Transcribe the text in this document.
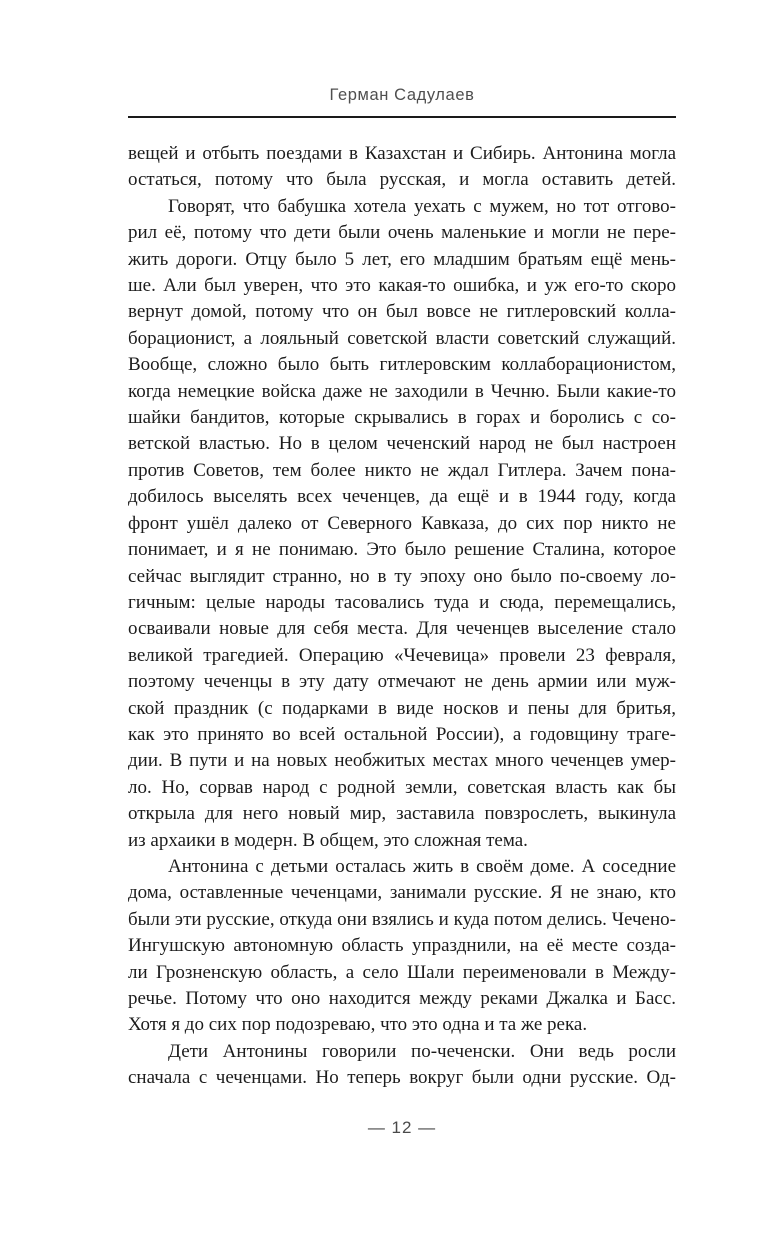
Герман Садулаев
вещей и отбыть поездами в Казахстан и Сибирь. Антонина могла
остаться, потому что была русская, и могла оставить детей.
Говорят, что бабушка хотела уехать с мужем, но тот отгово-
рил её, потому что дети были очень маленькие и могли не пере-
жить дороги. Отцу было 5 лет, его младшим братьям ещё мень-
ше. Али был уверен, что это какая-то ошибка, и уж его-то скоро
вернут домой, потому что он был вовсе не гитлеровский колла-
борационист, а лояльный советской власти советский служащий.
Вообще, сложно было быть гитлеровским коллаборационистом,
когда немецкие войска даже не заходили в Чечню. Были какие-то
шайки бандитов, которые скрывались в горах и боролись с со-
ветской властью. Но в целом чеченский народ не был настроен
против Советов, тем более никто не ждал Гитлера. Зачем пона-
добилось выселять всех чеченцев, да ещё и в 1944 году, когда
фронт ушёл далеко от Северного Кавказа, до сих пор никто не
понимает, и я не понимаю. Это было решение Сталина, которое
сейчас выглядит странно, но в ту эпоху оно было по-своему ло-
гичным: целые народы тасовались туда и сюда, перемещались,
осваивали новые для себя места. Для чеченцев выселение стало
великой трагедией. Операцию «Чечевица» провели 23 февраля,
поэтому чеченцы в эту дату отмечают не день армии или муж-
ской праздник (с подарками в виде носков и пены для бритья,
как это принято во всей остальной России), а годовщину траге-
дии. В пути и на новых необжитых местах много чеченцев умер-
ло. Но, сорвав народ с родной земли, советская власть как бы
открыла для него новый мир, заставила повзрослеть, выкинула
из архаики в модерн. В общем, это сложная тема.
Антонина с детьми осталась жить в своём доме. А соседние
дома, оставленные чеченцами, занимали русские. Я не знаю, кто
были эти русские, откуда они взялись и куда потом делись. Чечено-
Ингушскую автономную область упразднили, на её месте созда-
ли Грозненскую область, а село Шали переименовали в Между-
речье. Потому что оно находится между реками Джалка и Басс.
Хотя я до сих пор подозреваю, что это одна и та же река.
Дети Антонины говорили по-чеченски. Они ведь росли
сначала с чеченцами. Но теперь вокруг были одни русские. Од-
— 12 —
